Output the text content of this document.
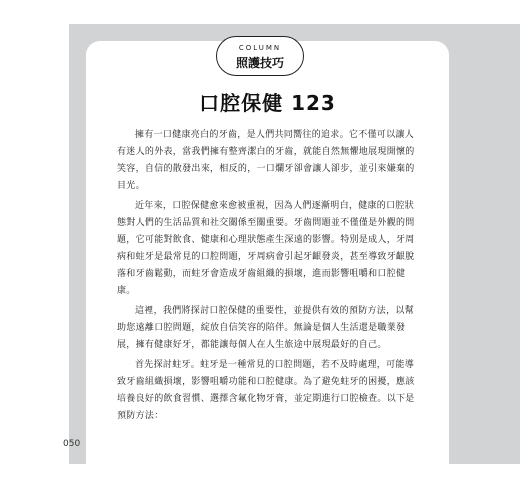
COLUMN
照護技巧
口腔保健 123

擁有一口健康亮白的牙齒，是人們共同嚮往的追求。它不僅可以讓人有迷人的外表，當我們擁有整齊潔白的牙齒，就能自然無懼地展現開懷的笑容，自信的散發出來，相反的，一口爛牙卻會讓人卻步，並引來嫌棄的目光。

近年來，口腔保健愈來愈被重視，因為人們逐漸明白，健康的口腔狀態對人們的生活品質和社交關係至關重要。牙齒問題並不僅僅是外觀的問題，它可能對飲食、健康和心理狀態產生深遠的影響。特別是成人，牙周病和蛀牙是最常見的口腔問題，牙周病會引起牙齦發炎，甚至導致牙齦脫落和牙齒鬆動，而蛀牙會造成牙齒組織的損壞，進而影響咀嚼和口腔健康。

這裡，我們將探討口腔保健的重要性，並提供有效的預防方法，以幫助您遠離口腔問題，綻放自信笑容的陪伴。無論是個人生活還是職業發展，擁有健康好牙，都能讓每個人在人生旅途中展現最好的自己。

首先探討蛀牙。蛀牙是一種常見的口腔問題，若不及時處理，可能導致牙齒組織損壞，影響咀嚼功能和口腔健康。為了避免蛀牙的困擾，應該培養良好的飲食習慣、選擇含氟化物牙膏，並定期進行口腔檢查。以下是預防方法：

050
